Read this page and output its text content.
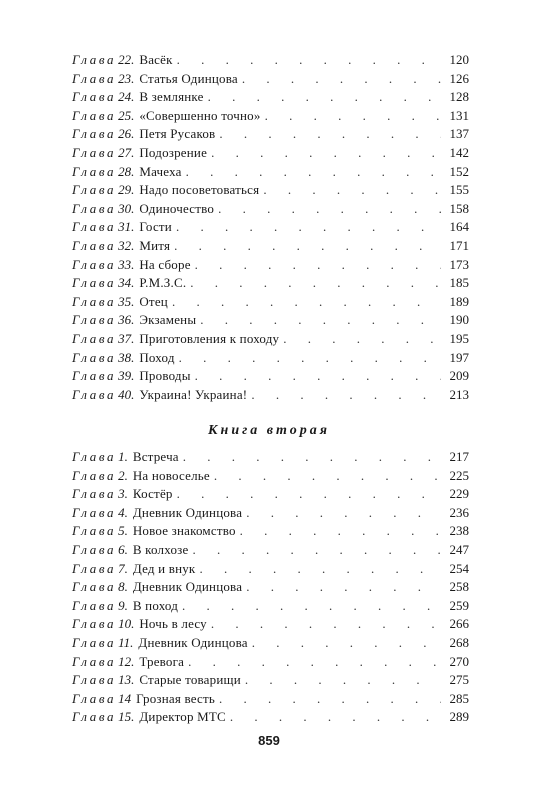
Глава 22. Васёк . . .	120
Глава 23. Статья Одинцова . . .	126
Глава 24. В землянке . . .	128
Глава 25. «Совершенно точно» . . .	131
Глава 26. Петя Русаков . . .	137
Глава 27. Подозрение . . .	142
Глава 28. Мачеха . . .	152
Глава 29. Надо посоветоваться . . .	155
Глава 30. Одиночество . . .	158
Глава 31. Гости . . .	164
Глава 32. Митя . . .	171
Глава 33. На сборе . . .	173
Глава 34. Р.М.З.С. . . .	185
Глава 35. Отец . . .	189
Глава 36. Экзамены . . .	190
Глава 37. Приготовления к походу . . .	195
Глава 38. Поход . . .	197
Глава 39. Проводы . . .	209
Глава 40. Украина! Украина! . . .	213
Книга вторая
Глава 1. Встреча . . .	217
Глава 2. На новоселье . . .	225
Глава 3. Костёр . . .	229
Глава 4. Дневник Одинцова . . .	236
Глава 5. Новое знакомство . . .	238
Глава 6. В колхозе . . .	247
Глава 7. Дед и внук . . .	254
Глава 8. Дневник Одинцова . . .	258
Глава 9. В поход . . .	259
Глава 10. Ночь в лесу . . .	266
Глава 11. Дневник Одинцова . . .	268
Глава 12. Тревога . . .	270
Глава 13. Старые товарищи . . .	275
Глава 14 Грозная весть . . .	285
Глава 15. Директор МТС . . .	289
859
